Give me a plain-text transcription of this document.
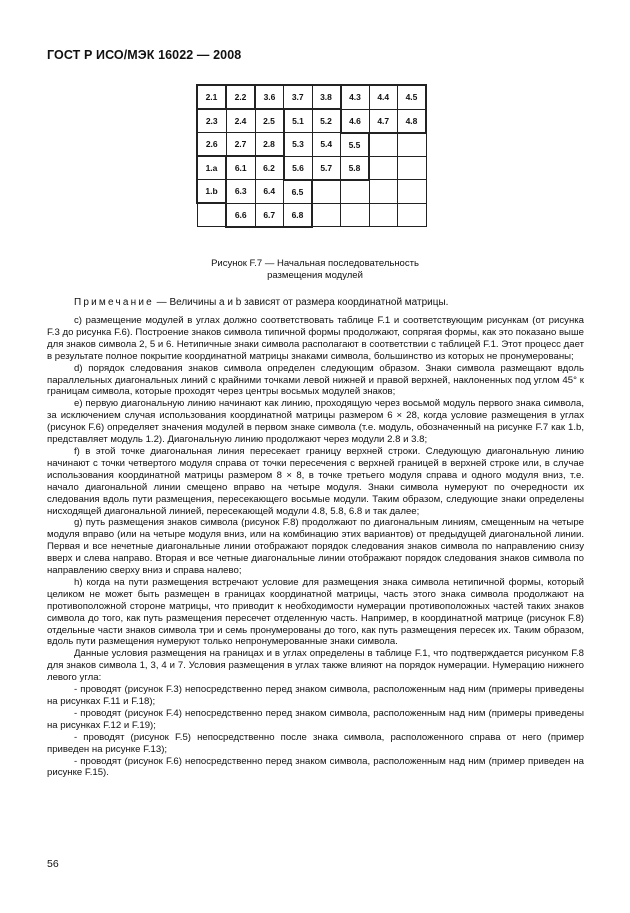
ГОСТ Р ИСО/МЭК 16022 — 2008
2.1	2.2	3.6	3.7	3.8	4.3	4.4	4.5
2.3	2.4	2.5	5.1	5.2	4.6	4.7	4.8
2.6	2.7	2.8	5.3	5.4	5.5		
1.a	6.1	6.2	5.6	5.7	5.8		
1.b	6.3	6.4	6.5				
	6.6	6.7	6.8				
Рисунок F.7 — Начальная последовательность
размещения модулей
Примечание — Величины a и b зависят от размера координатной матрицы.

с) размещение модулей в углах должно соответствовать таблице F.1 и соответствующим рисункам (от рисунка F.3 до рисунка F.6). Построение знаков символа типичной формы продолжают, сопрягая формы, как это показано выше для знаков символа 2, 5 и 6. Нетипичные знаки символа располагают в соответствии с таблицей F.1. Этот процесс дает в результате полное покрытие координатной матрицы знаками символа, большинство из которых не пронумерованы;

d) порядок следования знаков символа определен следующим образом. Знаки символа размещают вдоль параллельных диагональных линий с крайними точками левой нижней и правой верхней, наклоненных под углом 45° к границам символа, которые проходят через центры восьмых модулей знаков;

е) первую диагональную линию начинают как линию, проходящую через восьмой модуль первого знака символа, за исключением случая использования координатной матрицы размером 6 × 28, когда условие размещения в углах (рисунок F.6) определяет значения модулей в первом знаке символа (т.е. модуль, обозначенный на рисунке F.7 как 1.b, представляет модуль 1.2). Диагональную линию продолжают через модули 2.8 и 3.8;

f) в этой точке диагональная линия пересекает границу верхней строки. Следующую диагональную линию начинают с точки четвертого модуля справа от точки пересечения с верхней границей в верхней строке или, в случае использования координатной матрицы размером 8 × 8, в точке третьего модуля справа и одного модуля вниз, т.е. начало диагональной линии смещено вправо на четыре модуля. Знаки символа нумеруют по очередности их следования вдоль пути размещения, пересекающего восьмые модули. Таким образом, следующие знаки определены нисходящей диагональной линией, пересекающей модули 4.8, 5.8, 6.8 и так далее;

g) путь размещения знаков символа (рисунок F.8) продолжают по диагональным линиям, смещенным на четыре модуля вправо (или на четыре модуля вниз, или на комбинацию этих вариантов) от предыдущей диагональной линии. Первая и все нечетные диагональные линии отображают порядок следования знаков символа по направлению снизу вверх и слева направо. Вторая и все четные диагональные линии отображают порядок следования знаков символа по направлению сверху вниз и справа налево;

h) когда на пути размещения встречают условие для размещения знака символа нетипичной формы, который целиком не может быть размещен в границах координатной матрицы, часть этого знака символа продолжают на противоположной стороне матрицы, что приводит к необходимости нумерации противоположных частей таких знаков символа до того, как путь размещения пересечет отделенную часть. Например, в координатной матрице (рисунок F.8) отдельные части знаков символа три и семь пронумерованы до того, как путь размещения пересек их. Таким образом, вдоль пути размещения нумеруют только непронумерованные знаки символа.

Данные условия размещения на границах и в углах определены в таблице F.1, что подтверждается рисунком F.8 для знаков символа 1, 3, 4 и 7. Условия размещения в углах также влияют на порядок нумерации. Нумерацию нижнего левого угла:

- проводят (рисунок F.3) непосредственно перед знаком символа, расположенным над ним (примеры приведены на рисунках F.11 и F.18);

- проводят (рисунок F.4) непосредственно перед знаком символа, расположенным над ним (примеры приведены на рисунках F.12 и F.19);

- проводят (рисунок F.5) непосредственно после знака символа, расположенного справа от него (пример приведен на рисунке F.13);

- проводят (рисунок F.6) непосредственно перед знаком символа, расположенным над ним (пример приведен на рисунке F.15).

56
